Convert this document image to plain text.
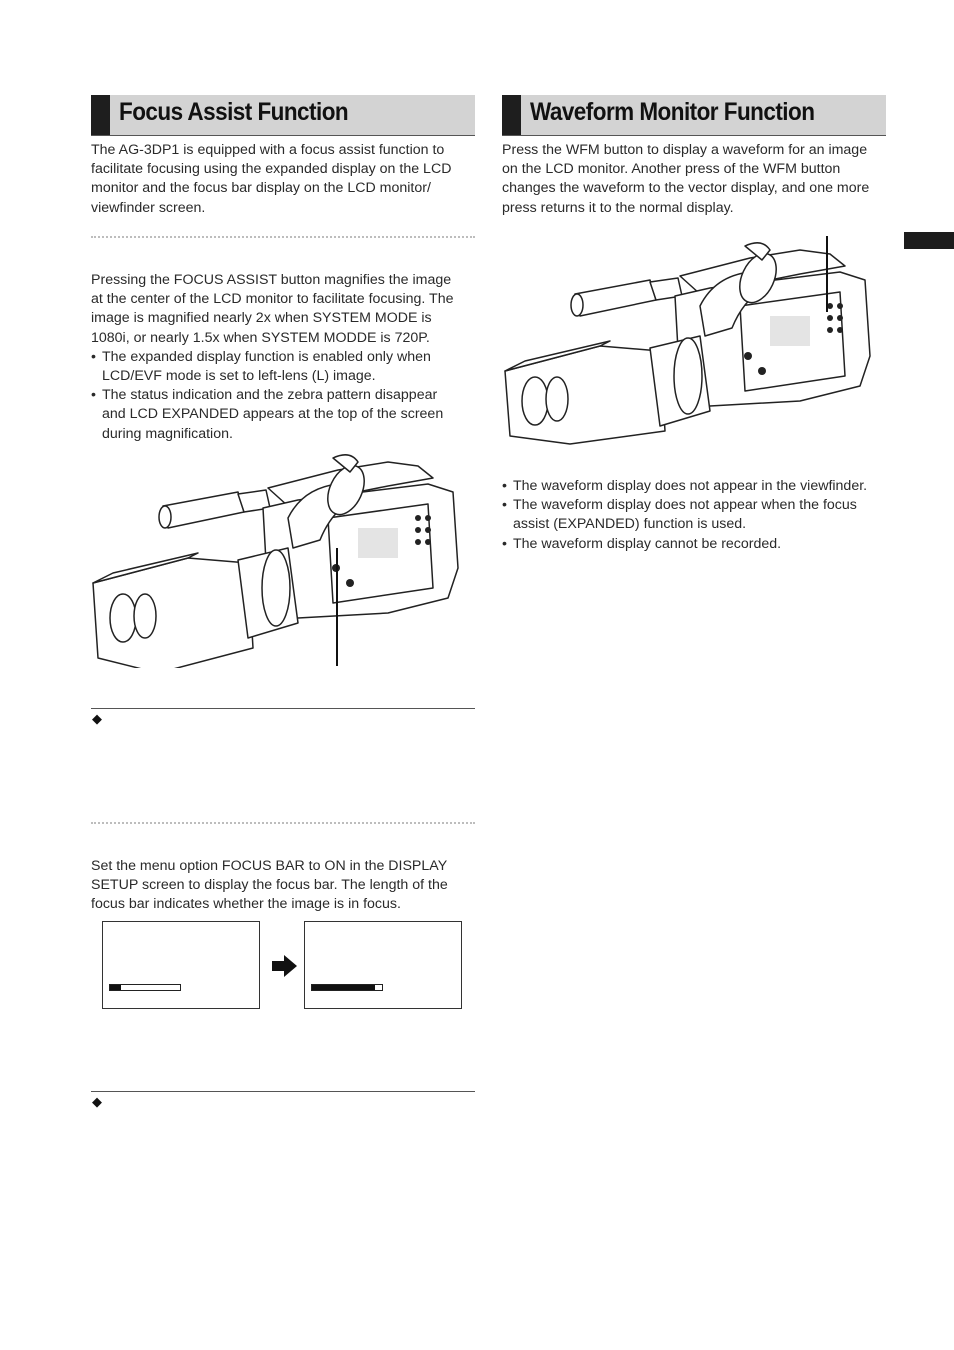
Focus Assist Function

The AG-3DP1 is equipped with a focus assist function to facilitate focusing using the expanded display on the LCD monitor and the focus bar display on the LCD monitor/ viewfinder screen.

Pressing the FOCUS ASSIST button magnifies the image

at the center of the LCD monitor to facilitate focusing. The

image is magnified nearly 2x when SYSTEM MODE is

1080i, or nearly 1.5x when SYSTEM MODDE is 720P.

• The expanded display function is enabled only when LCD/EVF mode is set to left-lens (L) image.
• The status indication and the zebra pattern disappear and LCD EXPANDED appears at the top of the screen during magnification.
◆

Set the menu option FOCUS BAR to ON in the DISPLAY SETUP screen to display the focus bar. The length of the focus bar indicates whether the image is in focus.

◆
Waveform Monitor Function

Press the WFM button to display a waveform for an image on the LCD monitor. Another press of the WFM button changes the waveform to the vector display, and one more press returns it to the normal display.

• The waveform display does not appear in the viewfinder.
• The waveform display does not appear when the focus assist (EXPANDED) function is used.
• The waveform display cannot be recorded.
